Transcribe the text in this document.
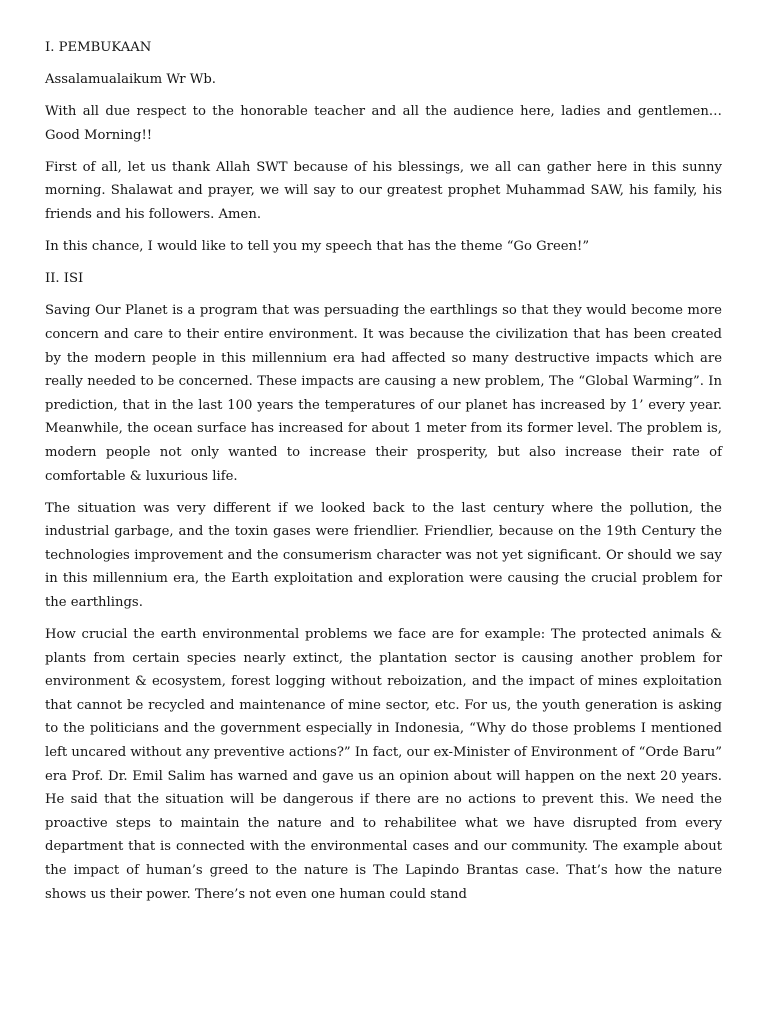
I. PEMBUKAAN

Assalamualaikum Wr Wb.

With all due respect to the honorable teacher and all the audience here, ladies and gentlemen… Good Morning!!

First of all, let us thank Allah SWT because of his blessings, we all can gather here in this sunny morning. Shalawat and prayer, we will say to our greatest prophet Muhammad SAW, his family, his friends and his followers. Amen.

In this chance, I would like to tell you my speech that has the theme “Go Green!”

II. ISI

Saving Our Planet is a program that was persuading the earthlings so that they would become more concern and care to their entire environment. It was because the civilization that has been created by the modern people in this millennium era had affected so many destructive impacts which are really needed to be concerned. These impacts are causing a new problem, The “Global Warming”. In prediction, that in the last 100 years the temperatures of our planet has increased by 1’ every year. Meanwhile, the ocean surface has increased for about 1 meter from its former level. The problem is, modern people not only wanted to increase their prosperity, but also increase their rate of comfortable & luxurious life.

The situation was very different if we looked back to the last century where the pollution, the industrial garbage, and the toxin gases were friendlier. Friendlier, because on the 19th Century the technologies improvement and the consumerism character was not yet significant. Or should we say in this millennium era, the Earth exploitation and exploration were causing the crucial problem for the earthlings.

How crucial the earth environmental problems we face are for example: The protected animals & plants from certain species nearly extinct, the plantation sector is causing another problem for environment & ecosystem, forest logging without reboization, and the impact of mines exploitation that cannot be recycled and maintenance of mine sector, etc. For us, the youth generation is asking to the politicians and the government especially in Indonesia, “Why do those problems I mentioned left uncared without any preventive actions?” In fact, our ex-Minister of Environment of “Orde Baru” era Prof. Dr. Emil Salim has warned and gave us an opinion about will happen on the next 20 years. He said that the situation will be dangerous if there are no actions to prevent this. We need the proactive steps to maintain the nature and to rehabilitee what we have disrupted from every department that is connected with the environmental cases and our community. The example about the impact of human’s greed to the nature is The Lapindo Brantas case. That’s how the nature shows us their power. There’s not even one human could stand
